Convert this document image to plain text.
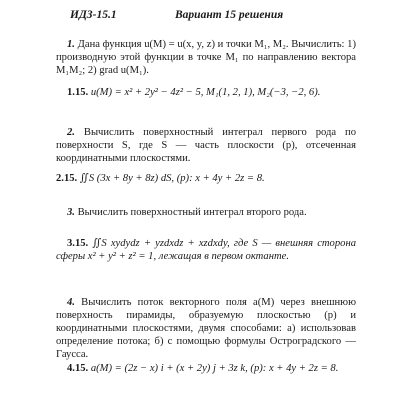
ИДЗ-15.1	Вариант 15 решения
1. Дана функция u(M) = u(x, y, z) и точки M₁, M₂. Вычислить: 1) производную этой функции в точке M₁ по направлению вектора M₁M₂; 2) grad u(M₁).
1.15. u(M) = x² + 2y² − 4z² − 5, M₁(1, 2, 1), M₂(−3, −2, 6).
2. Вычислить поверхностный интеграл первого рода по поверхности S, где S — часть плоскости (p), отсеченная координатными плоскостями.
2.15. ∬S (3x + 8y + 8z) dS, (p): x + 4y + 2z = 8.
3. Вычислить поверхностный интеграл второго рода.
3.15. ∬S xydydz + yzdxdz + xzdxdy, где S — внешняя сторона сферы x² + y² + z² = 1, лежащая в первом октанте.
4. Вычислить поток векторного поля a(M) через внешнюю поверхность пирамиды, образуемую плоскостью (p) и координатными плоскостями, двумя способами: а) использовав определение потока; б) с помощью формулы Остроградского — Гаусса.
4.15. a(M) = (2z − x) i + (x + 2y) j + 3z k, (p): x + 4y + 2z = 8.
